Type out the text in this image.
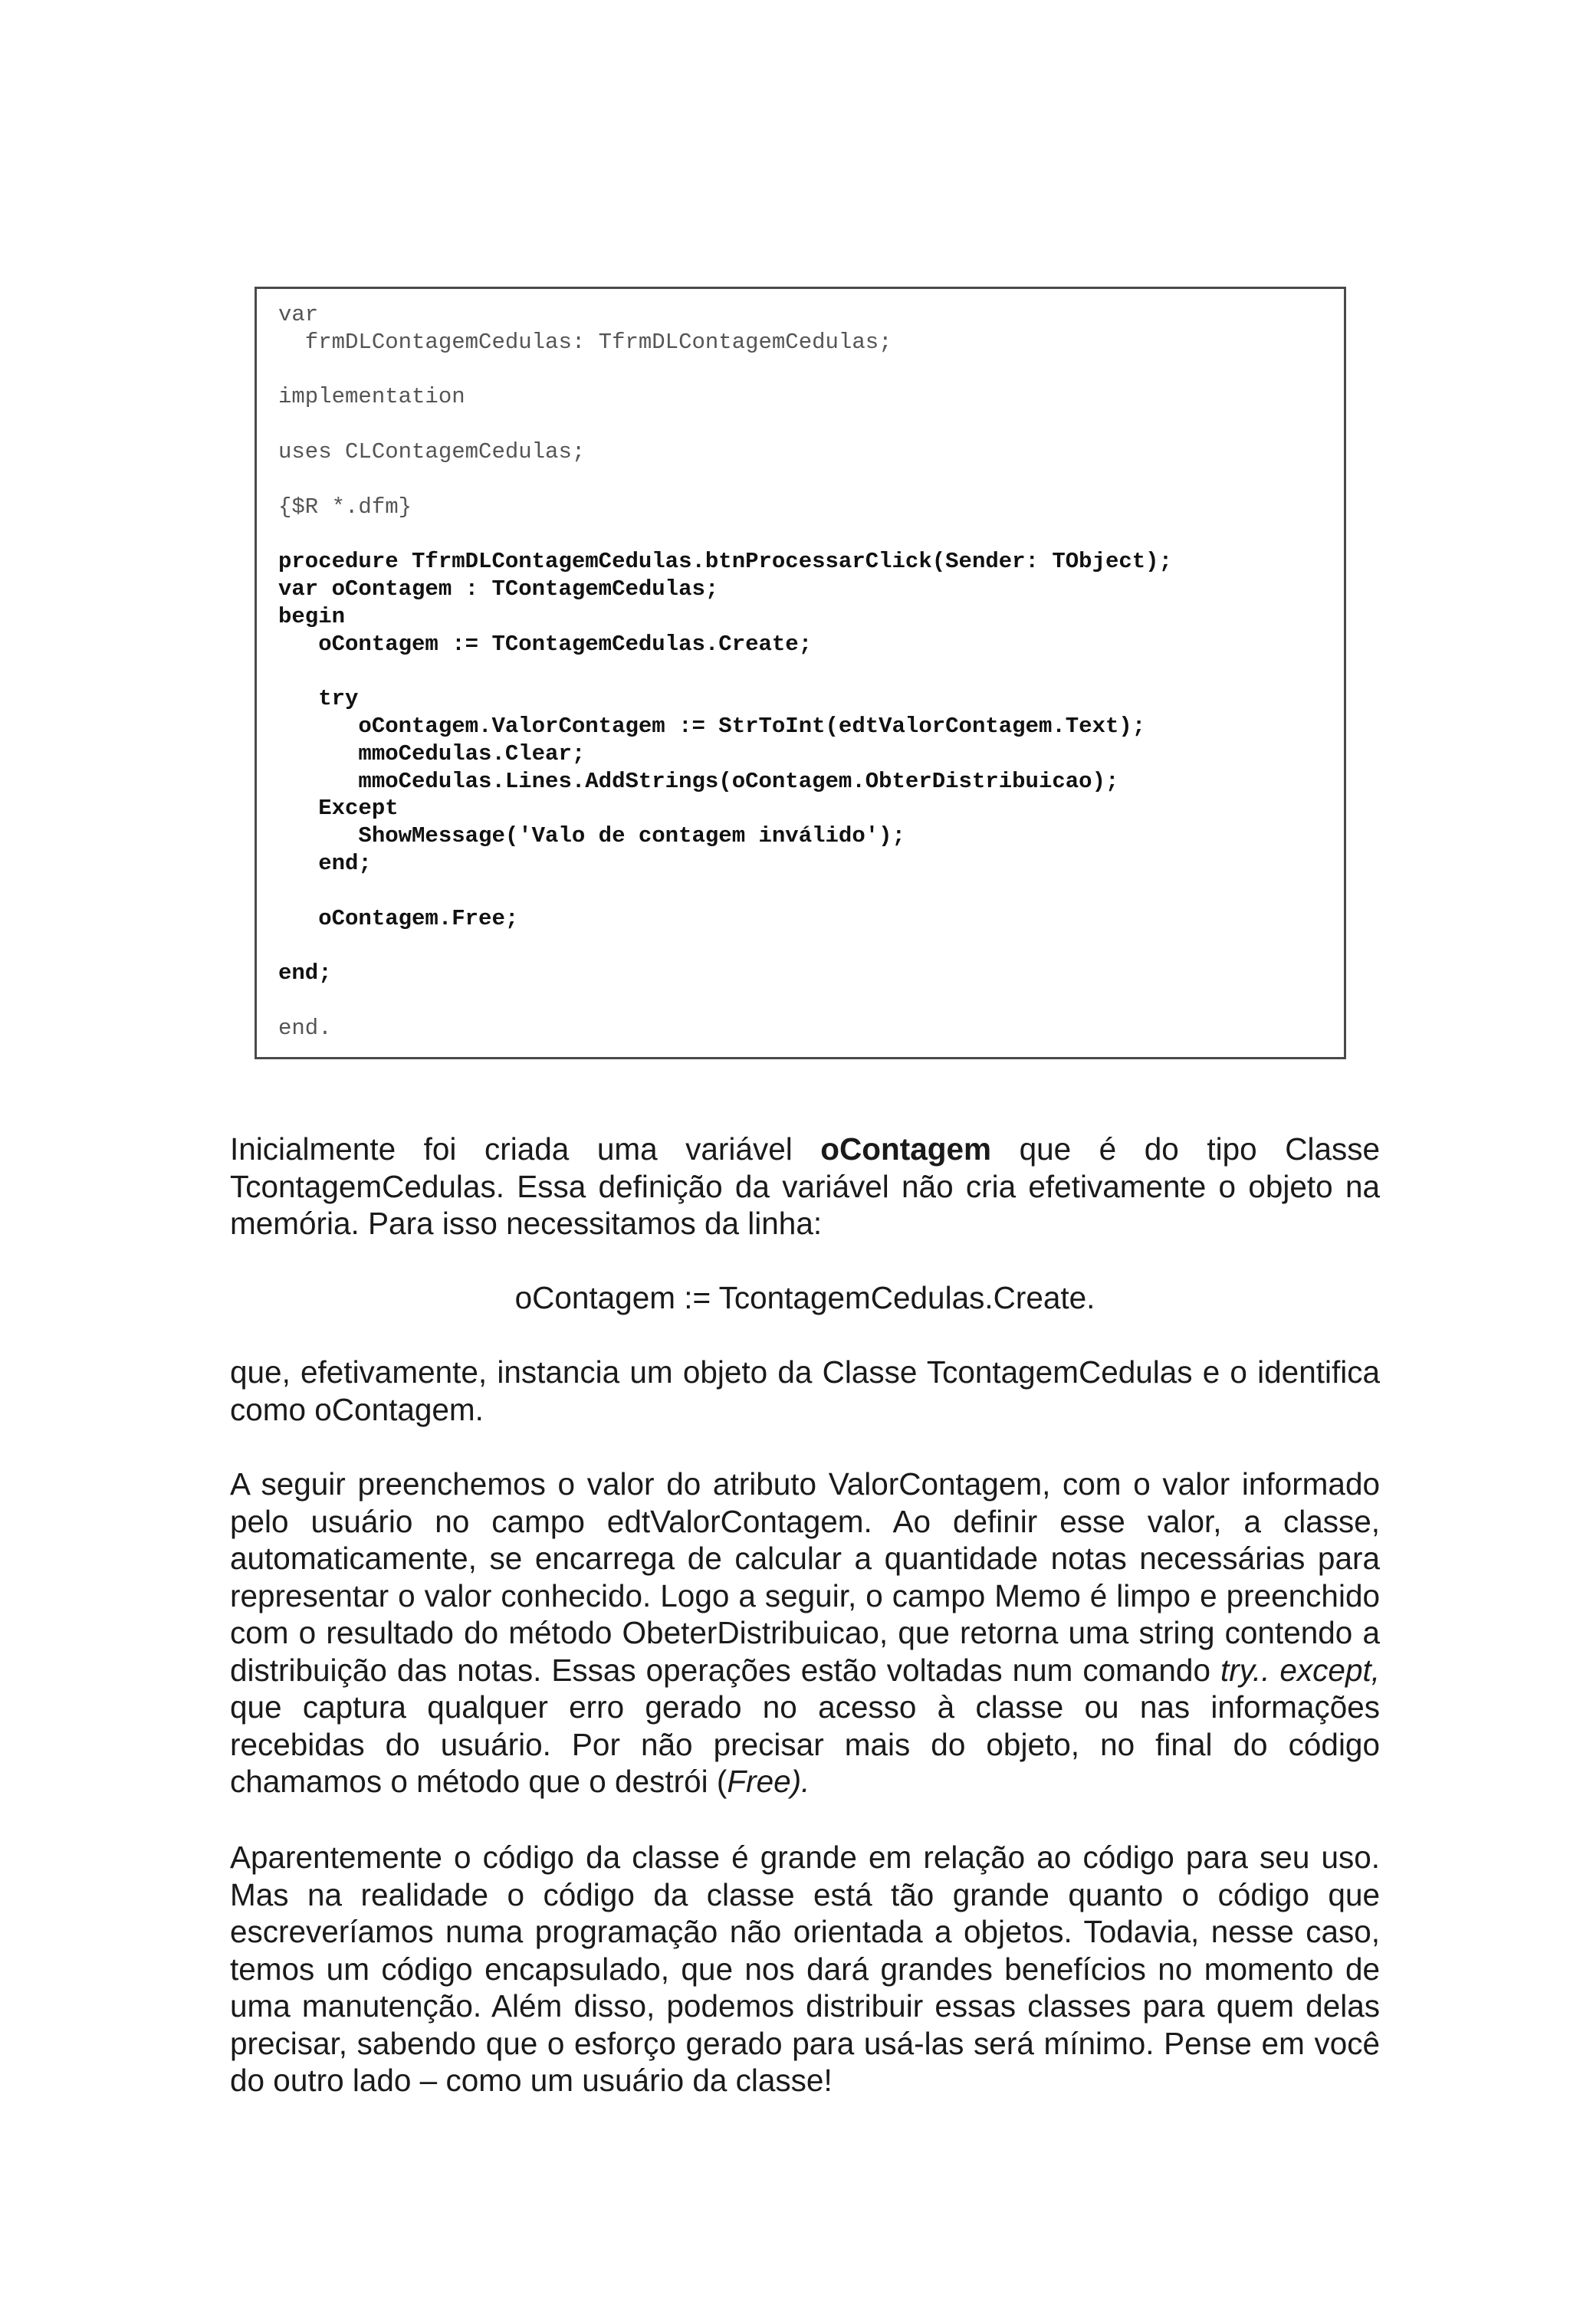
var
frmDLContagemCedulas: TfrmDLContagemCedulas;
implementation
uses CLContagemCedulas;
{$R *.dfm}
procedure TfrmDLContagemCedulas.btnProcessarClick(Sender: TObject);
var oContagem : TContagemCedulas;
begin
oContagem := TContagemCedulas.Create;
try
oContagem.ValorContagem := StrToInt(edtValorContagem.Text);
mmoCedulas.Clear;
mmoCedulas.Lines.AddStrings(oContagem.ObterDistribuicao);
Except
ShowMessage('Valo de contagem inválido');
end;
oContagem.Free;
end;
end.

Inicialmente foi criada uma variável oContagem que é do tipo Classe TcontagemCedulas. Essa definição da variável não cria efetivamente o objeto na memória. Para isso necessitamos da linha:

oContagem := TcontagemCedulas.Create.

que, efetivamente, instancia um objeto da Classe TcontagemCedulas e o identifica como oContagem.

A seguir preenchemos o valor do atributo ValorContagem, com o valor informado pelo usuário no campo edtValorContagem. Ao definir esse valor, a classe, automaticamente, se encarrega de calcular a quantidade notas necessárias para representar o valor conhecido. Logo a seguir, o campo Memo é limpo e preenchido com o resultado do método ObeterDistribuicao, que retorna uma string contendo a distribuição das notas. Essas operações estão voltadas num comando try.. except, que captura qualquer erro gerado no acesso à classe ou nas informações recebidas do usuário. Por não precisar mais do objeto, no final do código chamamos o método que o destrói (Free).

Aparentemente o código da classe é grande em relação ao código para seu uso. Mas na realidade o código da classe está tão grande quanto o código que escreveríamos numa programação não orientada a objetos. Todavia, nesse caso, temos um código encapsulado, que nos dará grandes benefícios no momento de uma manutenção. Além disso, podemos distribuir essas classes para quem delas precisar, sabendo que o esforço gerado para usá-las será mínimo. Pense em você do outro lado – como um usuário da classe!
